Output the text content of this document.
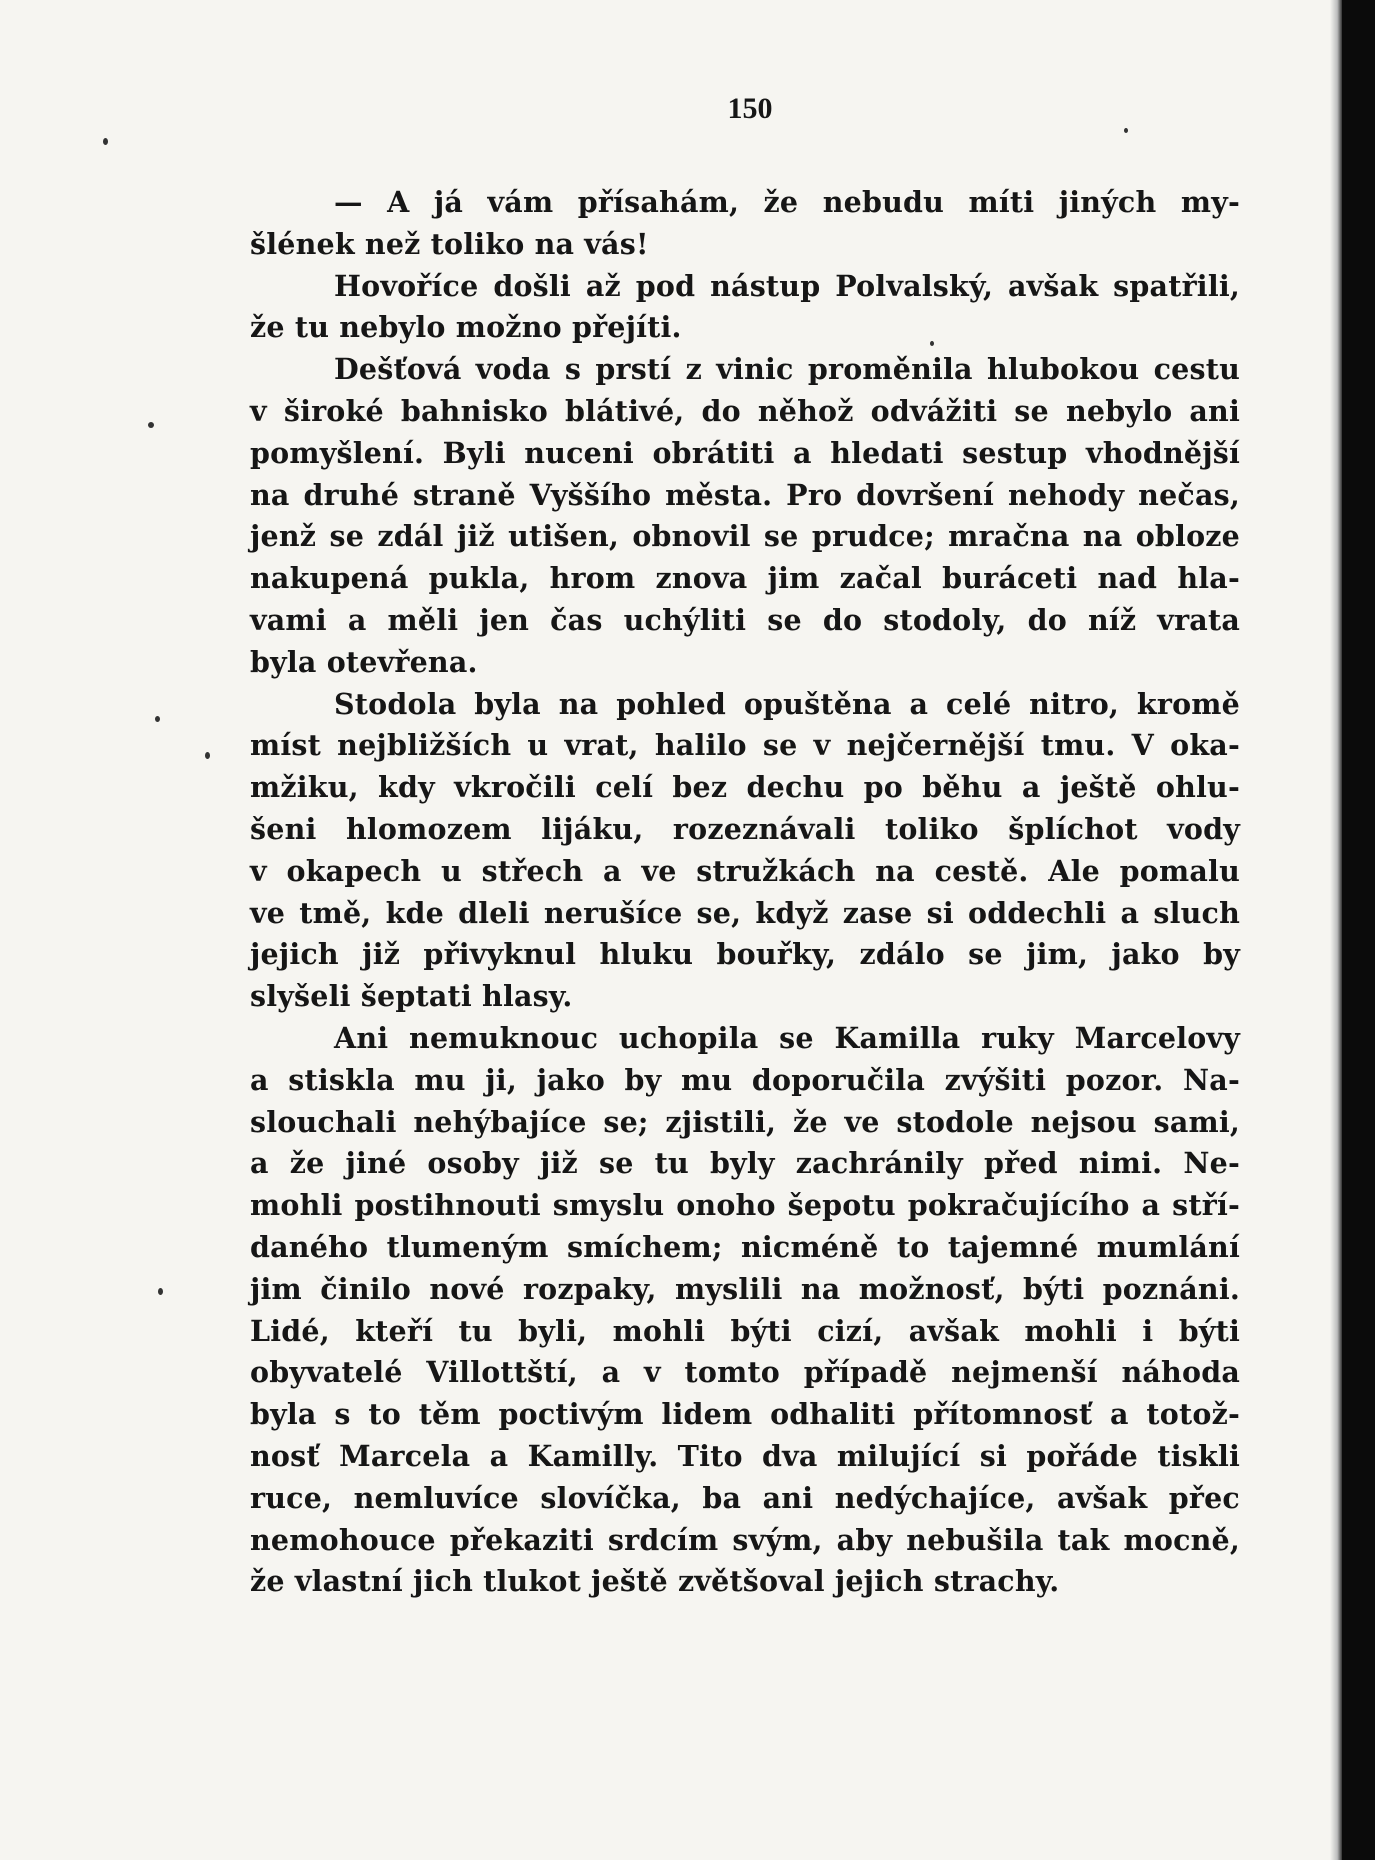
150
— A já vám přísahám, že nebudu míti jiných my-
šlének než toliko na vás!
Hovoříce došli až pod nástup Polvalský, avšak spatřili,
že tu nebylo možno přejíti.
Dešťová voda s prstí z vinic proměnila hlubokou cestu
v široké bahnisko blátivé, do něhož odvážiti se nebylo ani
pomyšlení. Byli nuceni obrátiti a hledati sestup vhodnější
na druhé straně Vyššího města. Pro dovršení nehody nečas,
jenž se zdál již utišen, obnovil se prudce; mračna na obloze
nakupená pukla, hrom znova jim začal buráceti nad hla-
vami a měli jen čas uchýliti se do stodoly, do níž vrata
byla otevřena.
Stodola byla na pohled opuštěna a celé nitro, kromě
míst nejbližších u vrat, halilo se v nejčernější tmu. V oka-
mžiku, kdy vkročili celí bez dechu po běhu a ještě ohlu-
šeni hlomozem lijáku, rozeznávali toliko šplíchot vody
v okapech u střech a ve stružkách na cestě. Ale pomalu
ve tmě, kde dleli nerušíce se, když zase si oddechli a sluch
jejich již přivyknul hluku bouřky, zdálo se jim, jako by
slyšeli šeptati hlasy.
Ani nemuknouc uchopila se Kamilla ruky Marcelovy
a stiskla mu ji, jako by mu doporučila zvýšiti pozor. Na-
slouchali nehýbajíce se; zjistili, že ve stodole nejsou sami,
a že jiné osoby již se tu byly zachránily před nimi. Ne-
mohli postihnouti smyslu onoho šepotu pokračujícího a stří-
daného tlumeným smíchem; nicméně to tajemné mumlání
jim činilo nové rozpaky, myslili na možnosť, býti poznáni.
Lidé, kteří tu byli, mohli býti cizí, avšak mohli i býti
obyvatelé Villottští, a v tomto případě nejmenší náhoda
byla s to těm poctivým lidem odhaliti přítomnosť a totož-
nosť Marcela a Kamilly. Tito dva milující si pořáde tiskli
ruce, nemluvíce slovíčka, ba ani nedýchajíce, avšak přec
nemohouce překaziti srdcím svým, aby nebušila tak mocně,
že vlastní jich tlukot ještě zvětšoval jejich strachy.
